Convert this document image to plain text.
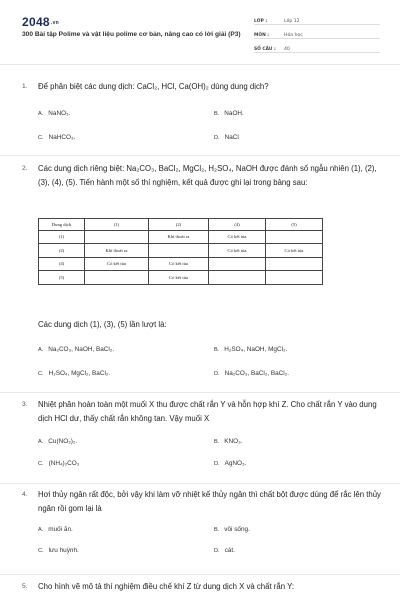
2048.vn
300 Bài tập Polime và vật liệu polime cơ bản, nâng cao có lời giải (P3)
LỚP :	Lớp 12
MÔN :	Hóa học
SỐ CÂU :	40
1. Để phân biệt các dung dịch: CaCl₂, HCl, Ca(OH)₂ dùng dung dịch?
A. NaNO₃.	B. NaOH.
C. NaHCO₃.	D. NaCl
2. Các dung dịch riêng biệt: Na₂CO₃, BaCl₂, MgCl₂, H₂SO₄, NaOH được đánh số ngẫu nhiên (1), (2), (3), (4), (5). Tiến hành một số thí nghiệm, kết quả được ghi lại trong bảng sau:
Dung dịch	(1)	(2)	(4)	(5)
(1)		Khí thoát ra	Có kết tủa	
(2)	Khí thoát ra		Có kết tủa	Có kết tủa
(4)	Có kết tủa	Có kết tủa		
(5)		Có kết tủa		
Các dung dịch (1), (3), (5) lần lượt là:
A. Na₂CO₃, NaOH, BaCl₂.	B. H₂SO₄, NaOH, MgCl₂.
C. H₂SO₄, MgCl₂, BaCl₂.	D. Na₂CO₃, BaCl₂, BaCl₂.
3. Nhiệt phân hoàn toàn một muối X thu được chất rắn Y và hỗn hợp khí Z. Cho chất rắn Y vào dung dịch HCl dư, thấy chất rắn không tan. Vậy muối X
A. Cu(NO₃)₂.	B. KNO₃.
C. (NH₄)₂CO₃	D. AgNO₃.
4. Hơi thủy ngân rất độc, bởi vậy khi làm vỡ nhiệt kế thủy ngân thì chất bột được dùng để rắc lên thủy ngân rồi gom lại là
A. muối ăn.	B. vôi sống.
C. lưu huỳnh.	D. cát.
5. Cho hình vẽ mô tả thí nghiệm điều chế khí Z từ dung dịch X và chất rắn Y:
